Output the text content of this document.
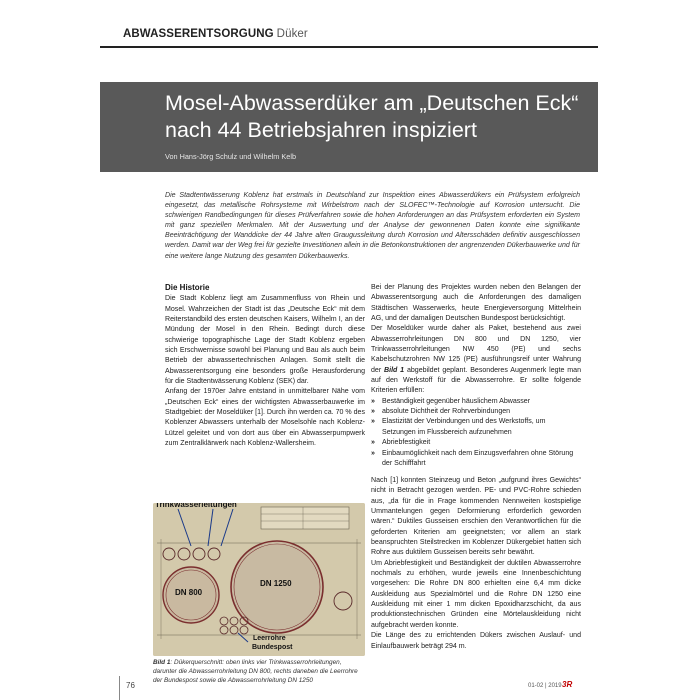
ABWASSERENTSORGUNG Düker
Mosel-Abwasserdüker am „Deutschen Eck“
nach 44 Betriebsjahren inspiziert
Von Hans-Jörg Schulz und Wilhelm Kelb

Die Stadtentwässerung Koblenz hat erstmals in Deutschland zur Inspektion eines Abwasserdükers ein Prüfsystem erfolgreich eingesetzt, das metallische Rohrsysteme mit Wirbelstrom nach der SLOFEC™-Technologie auf Korrosion untersucht. Die schwierigen Randbedingungen für dieses Prüfverfahren sowie die hohen Anforderungen an das Prüfsystem erforderten ein System mit ganz speziellen Merkmalen. Mit der Auswertung und der Analyse der gewonnenen Daten konnte eine signifikante Beeinträchtigung der Wanddicke der 44 Jahre alten Graugussleitung durch Korrosion und Altersschäden definitiv ausgeschlossen werden. Damit war der Weg frei für gezielte Investitionen allein in die Betonkonstruktionen der angrenzenden Dükerbauwerke und für eine weitere lange Nutzung des gesamten Dükerbauwerks.

Die Historie

Die Stadt Koblenz liegt am Zusammenfluss von Rhein und Mosel. Wahrzeichen der Stadt ist das „Deutsche Eck“ mit dem Reiterstandbild des ersten deutschen Kaisers, Wilhelm I, an der Mündung der Mosel in den Rhein. Bedingt durch diese schwierige topographische Lage der Stadt Koblenz ergeben sich Erschwernisse sowohl bei Planung und Bau als auch beim Betrieb der abwassertechnischen Anlagen. Somit stellt die Abwasserentsorgung eine besonders große Herausforderung für die Stadtentwässerung Koblenz (SEK) dar.

Anfang der 1970er Jahre entstand in unmittelbarer Nähe vom „Deutschen Eck“ eines der wichtigsten Abwasserbauwerke im Stadtgebiet: der Moseldüker [1]. Durch ihn werden ca. 70 % des Koblenzer Abwassers unterhalb der Moselsohle nach Koblenz-Lützel geleitet und von dort aus über ein Abwasserpumpwerk zum Zentralklärwerk nach Koblenz-Wallersheim.

Bei der Planung des Projektes wurden neben den Belangen der Abwasserentsorgung auch die Anforderungen des damaligen Städtischen Wasserwerks, heute Energieversorgung Mittelrhein AG, und der damaligen Deutschen Bundespost berücksichtigt.

Der Moseldüker wurde daher als Paket, bestehend aus zwei Abwasserrohrleitungen DN 800 und DN 1250, vier Trinkwasserrohrleitungen NW 450 (PE) und sechs Kabelschutzrohren NW 125 (PE) ausführungsreif unter Wahrung der Bild 1 abgebildet geplant. Besonderes Augenmerk legte man auf den Werkstoff für die Abwasserrohre. Er sollte folgende Kriterien erfüllen:

» Beständigkeit gegenüber häuslichem Abwasser
» absolute Dichtheit der Rohrverbindungen
» Elastizität der Verbindungen und des Werkstoffs, um Setzungen im Flussbereich aufzunehmen
» Abriebfestigkeit
» Einbaumöglichkeit nach dem Einzugsverfahren ohne Störung der Schifffahrt

Nach [1] konnten Steinzeug und Beton „aufgrund ihres Gewichts“ nicht in Betracht gezogen werden. PE- und PVC-Rohre schieden aus, „da für die in Frage kommenden Nennweiten kostspielige Ummantelungen gegen Deformierung erforderlich geworden wären.“ Duktiles Gusseisen erschien den Verantwortlichen für die geforderten Kriterien am geeignetsten; vor allem an stark beanspruchten Steilstrecken im Koblenzer Dükergebiet hatten sich Rohre aus duktilem Gusseisen bereits sehr bewährt.

Um Abriebfestigkeit und Beständigkeit der duktilen Abwasserrohre nochmals zu erhöhen, wurde jeweils eine Innenbeschichtung vorgesehen: Die Rohre DN 800 erhielten eine 6,4 mm dicke Auskleidung aus Spezialmörtel und die Rohre DN 1250 eine Auskleidung mit einer 1 mm dicken Epoxidharzschicht, da aus produktionstechnischen Gründen eine Mörtelauskleidung nicht aufgebracht werden konnte.

Die Länge des zu errichtenden Dükers zwischen Auslauf- und Einlaufbauwerk beträgt 294 m.

Trinkwasserleitungen
DN 800
DN 1250
Leerrohre
Bundespost

Bild 1: Dükerquerschnitt: oben links vier Trinkwasserrohrleitungen, darunter die Abwasserrohrleitung DN 800, rechts daneben die Leerrohre der Bundespost sowie die Abwasserrohrleitung DN 1250

76	01-02 | 2019 3R
